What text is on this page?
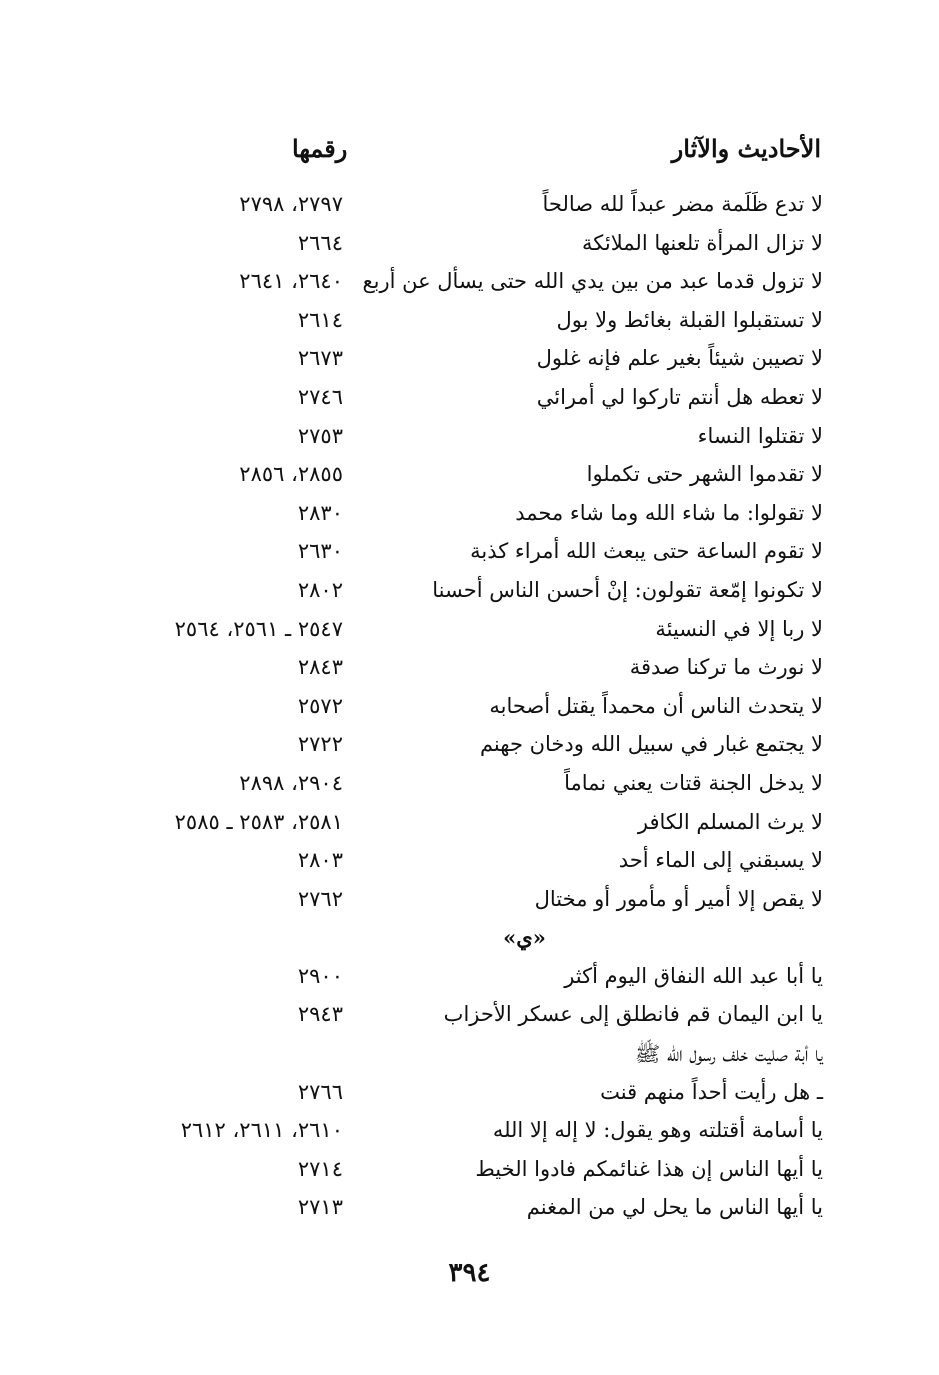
الأحاديث والآثار
رقمها
لا تدع ظَلَمة مضر عبداً لله صالحاً
٢٧٩٧، ٢٧٩٨
لا تزال المرأة تلعنها الملائكة
٢٦٦٤
لا تزول قدما عبد من بين يدي الله حتى يسأل عن أربع
٢٦٤٠، ٢٦٤١
لا تستقبلوا القبلة بغائط ولا بول
٢٦١٤
لا تصيبن شيئاً بغير علم فإنه غلول
٢٦٧٣
لا تعطه هل أنتم تاركوا لي أمرائي
٢٧٤٦
لا تقتلوا النساء
٢٧٥٣
لا تقدموا الشهر حتى تكملوا
٢٨٥٥، ٢٨٥٦
لا تقولوا: ما شاء الله وما شاء محمد
٢٨٣٠
لا تقوم الساعة حتى يبعث الله أمراء كذبة
٢٦٣٠
لا تكونوا إمّعة تقولون: إنْ أحسن الناس أحسنا
٢٨٠٢
لا ربا إلا في النسيئة
٢٥٤٧ ـ ٢٥٦١، ٢٥٦٤
لا نورث ما تركنا صدقة
٢٨٤٣
لا يتحدث الناس أن محمداً يقتل أصحابه
٢٥٧٢
لا يجتمع غبار في سبيل الله ودخان جهنم
٢٧٢٢
لا يدخل الجنة قتات يعني نماماً
٢٩٠٤، ٢٨٩٨
لا يرث المسلم الكافر
٢٥٨١، ٢٥٨٣ ـ ٢٥٨٥
لا يسبقني إلى الماء أحد
٢٨٠٣
لا يقص إلا أمير أو مأمور أو مختال
٢٧٦٢
«ي»
يا أبا عبد الله النفاق اليوم أكثر
٢٩٠٠
يا ابن اليمان قم فانطلق إلى عسكر الأحزاب
٢٩٤٣
يا أبة صليت خلف رسول الله ﷺ
ـ هل رأيت أحداً منهم قنت
٢٧٦٦
يا أسامة أقتلته وهو يقول: لا إله إلا الله
٢٦١٠، ٢٦١١، ٢٦١٢
يا أيها الناس إن هذا غنائمكم فادوا الخيط
٢٧١٤
يا أيها الناس ما يحل لي من المغنم
٢٧١٣
٣٩٤
